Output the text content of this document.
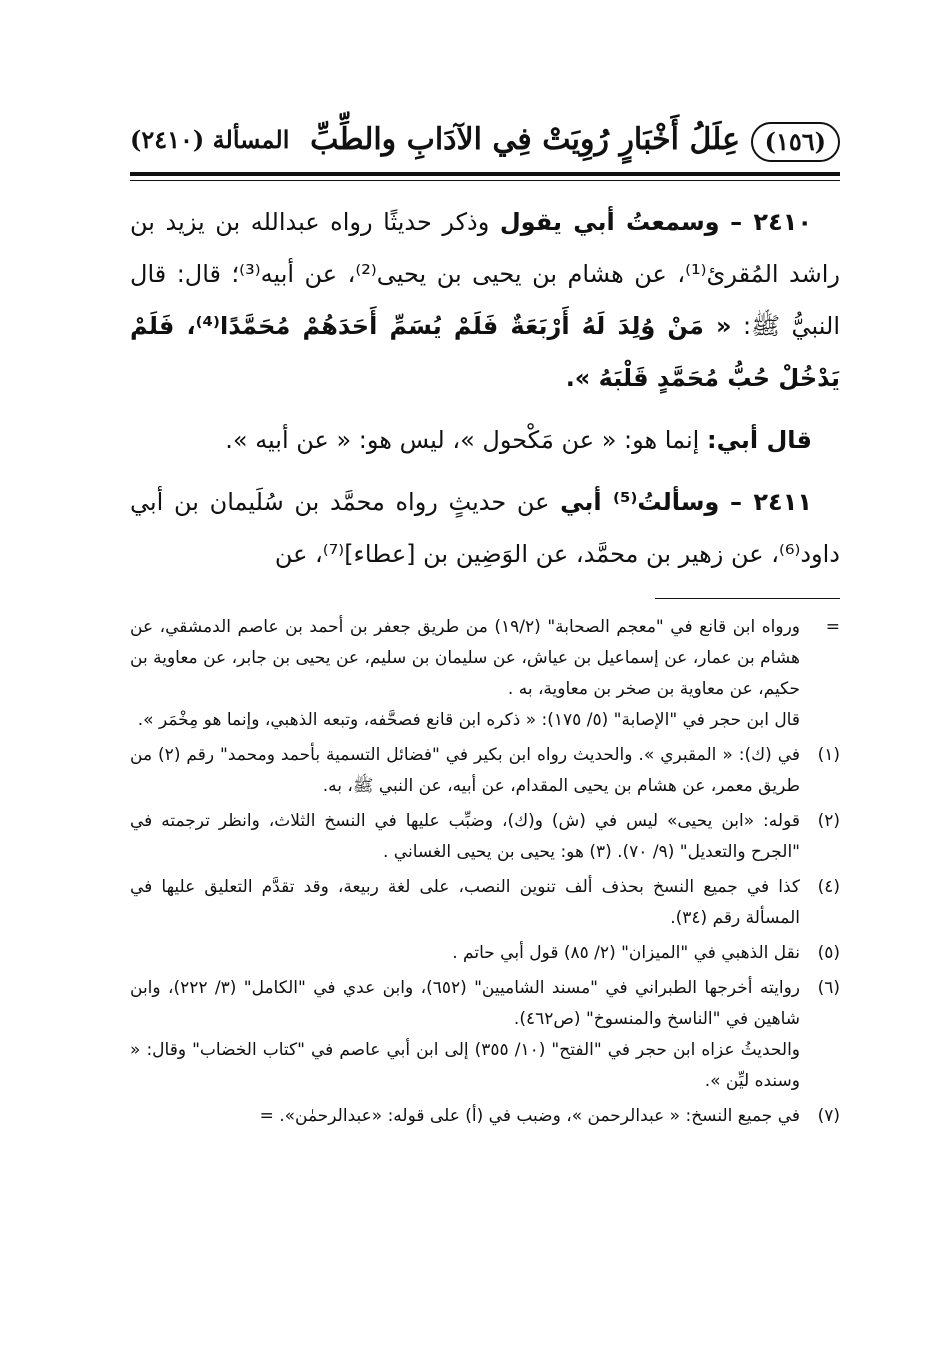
(١٥٦)
عِلَلُ أَخْبَارٍ رُوِيَتْ فِي الآدَابِ والطِّبِّ
المسألة (٢٤١٠)

٢٤١٠ – وسمعتُ أبي يقول وذكر حديثًا رواه عبدالله بن يزيد بن راشد المُقرئ⁽¹⁾، عن هشام بن يحيى بن يحيى⁽²⁾، عن أبيه⁽³⁾؛ قال: قال النبيُّ ﷺ: « مَنْ وُلِدَ لَهُ أَرْبَعَةٌ فَلَمْ يُسَمِّ أَحَدَهُمْ مُحَمَّدًا⁽⁴⁾، فَلَمْ يَدْخُلْ حُبُّ مُحَمَّدٍ قَلْبَهُ ».

قال أبي: إنما هو: « عن مَكْحول »، ليس هو: « عن أبيه ».

٢٤١١ – وسألتُ⁽⁵⁾ أبي عن حديثٍ رواه محمَّد بن سُلَيمان بن أبي داود⁽⁶⁾، عن زهير بن محمَّد، عن الوَضِين بن [عطاء]⁽⁷⁾، عن

=

ورواه ابن قانع في "معجم الصحابة" (١٩/٢) من طريق جعفر بن أحمد بن عاصم الدمشقي، عن هشام بن عمار، عن إسماعيل بن عياش، عن سليمان بن سليم، عن يحيى بن جابر، عن معاوية بن حكيم، عن معاوية بن صخر بن معاوية، به .

قال ابن حجر في "الإصابة" (٥/ ١٧٥): « ذكره ابن قانع فصحَّفه، وتبعه الذهبي، وإنما هو مِخْمَر ».

(١)

في (ك): « المقبري ». والحديث رواه ابن بكير في "فضائل التسمية بأحمد ومحمد" رقم (٢) من طريق معمر، عن هشام بن يحيى المقدام، عن أبيه، عن النبي ﷺ، به.

(٢)

قوله: «ابن يحيى» ليس في (ش) و(ك)، وضبِّب عليها في النسخ الثلاث، وانظر ترجمته في "الجرح والتعديل" (٩/ ٧٠). (٣) هو: يحيى بن يحيى الغساني .

(٤)

كذا في جميع النسخ بحذف ألف تنوين النصب، على لغة ربيعة، وقد تقدَّم التعليق عليها في المسألة رقم (٣٤).

(٥)

نقل الذهبي في "الميزان" (٢/ ٨٥) قول أبي حاتم .

(٦)

روايته أخرجها الطبراني في "مسند الشاميين" (٦٥٢)، وابن عدي في "الكامل" (٣/ ٢٢٢)، وابن شاهين في "الناسخ والمنسوخ" (ص٤٦٢).

والحديثُ عزاه ابن حجر في "الفتح" (١٠/ ٣٥٥) إلى ابن أبي عاصم في "كتاب الخضاب" وقال: « وسنده ليِّن ».

(٧)

في جميع النسخ: « عبدالرحمن »، وضبب في (أ) على قوله: «عبدالرحمٰن». =
